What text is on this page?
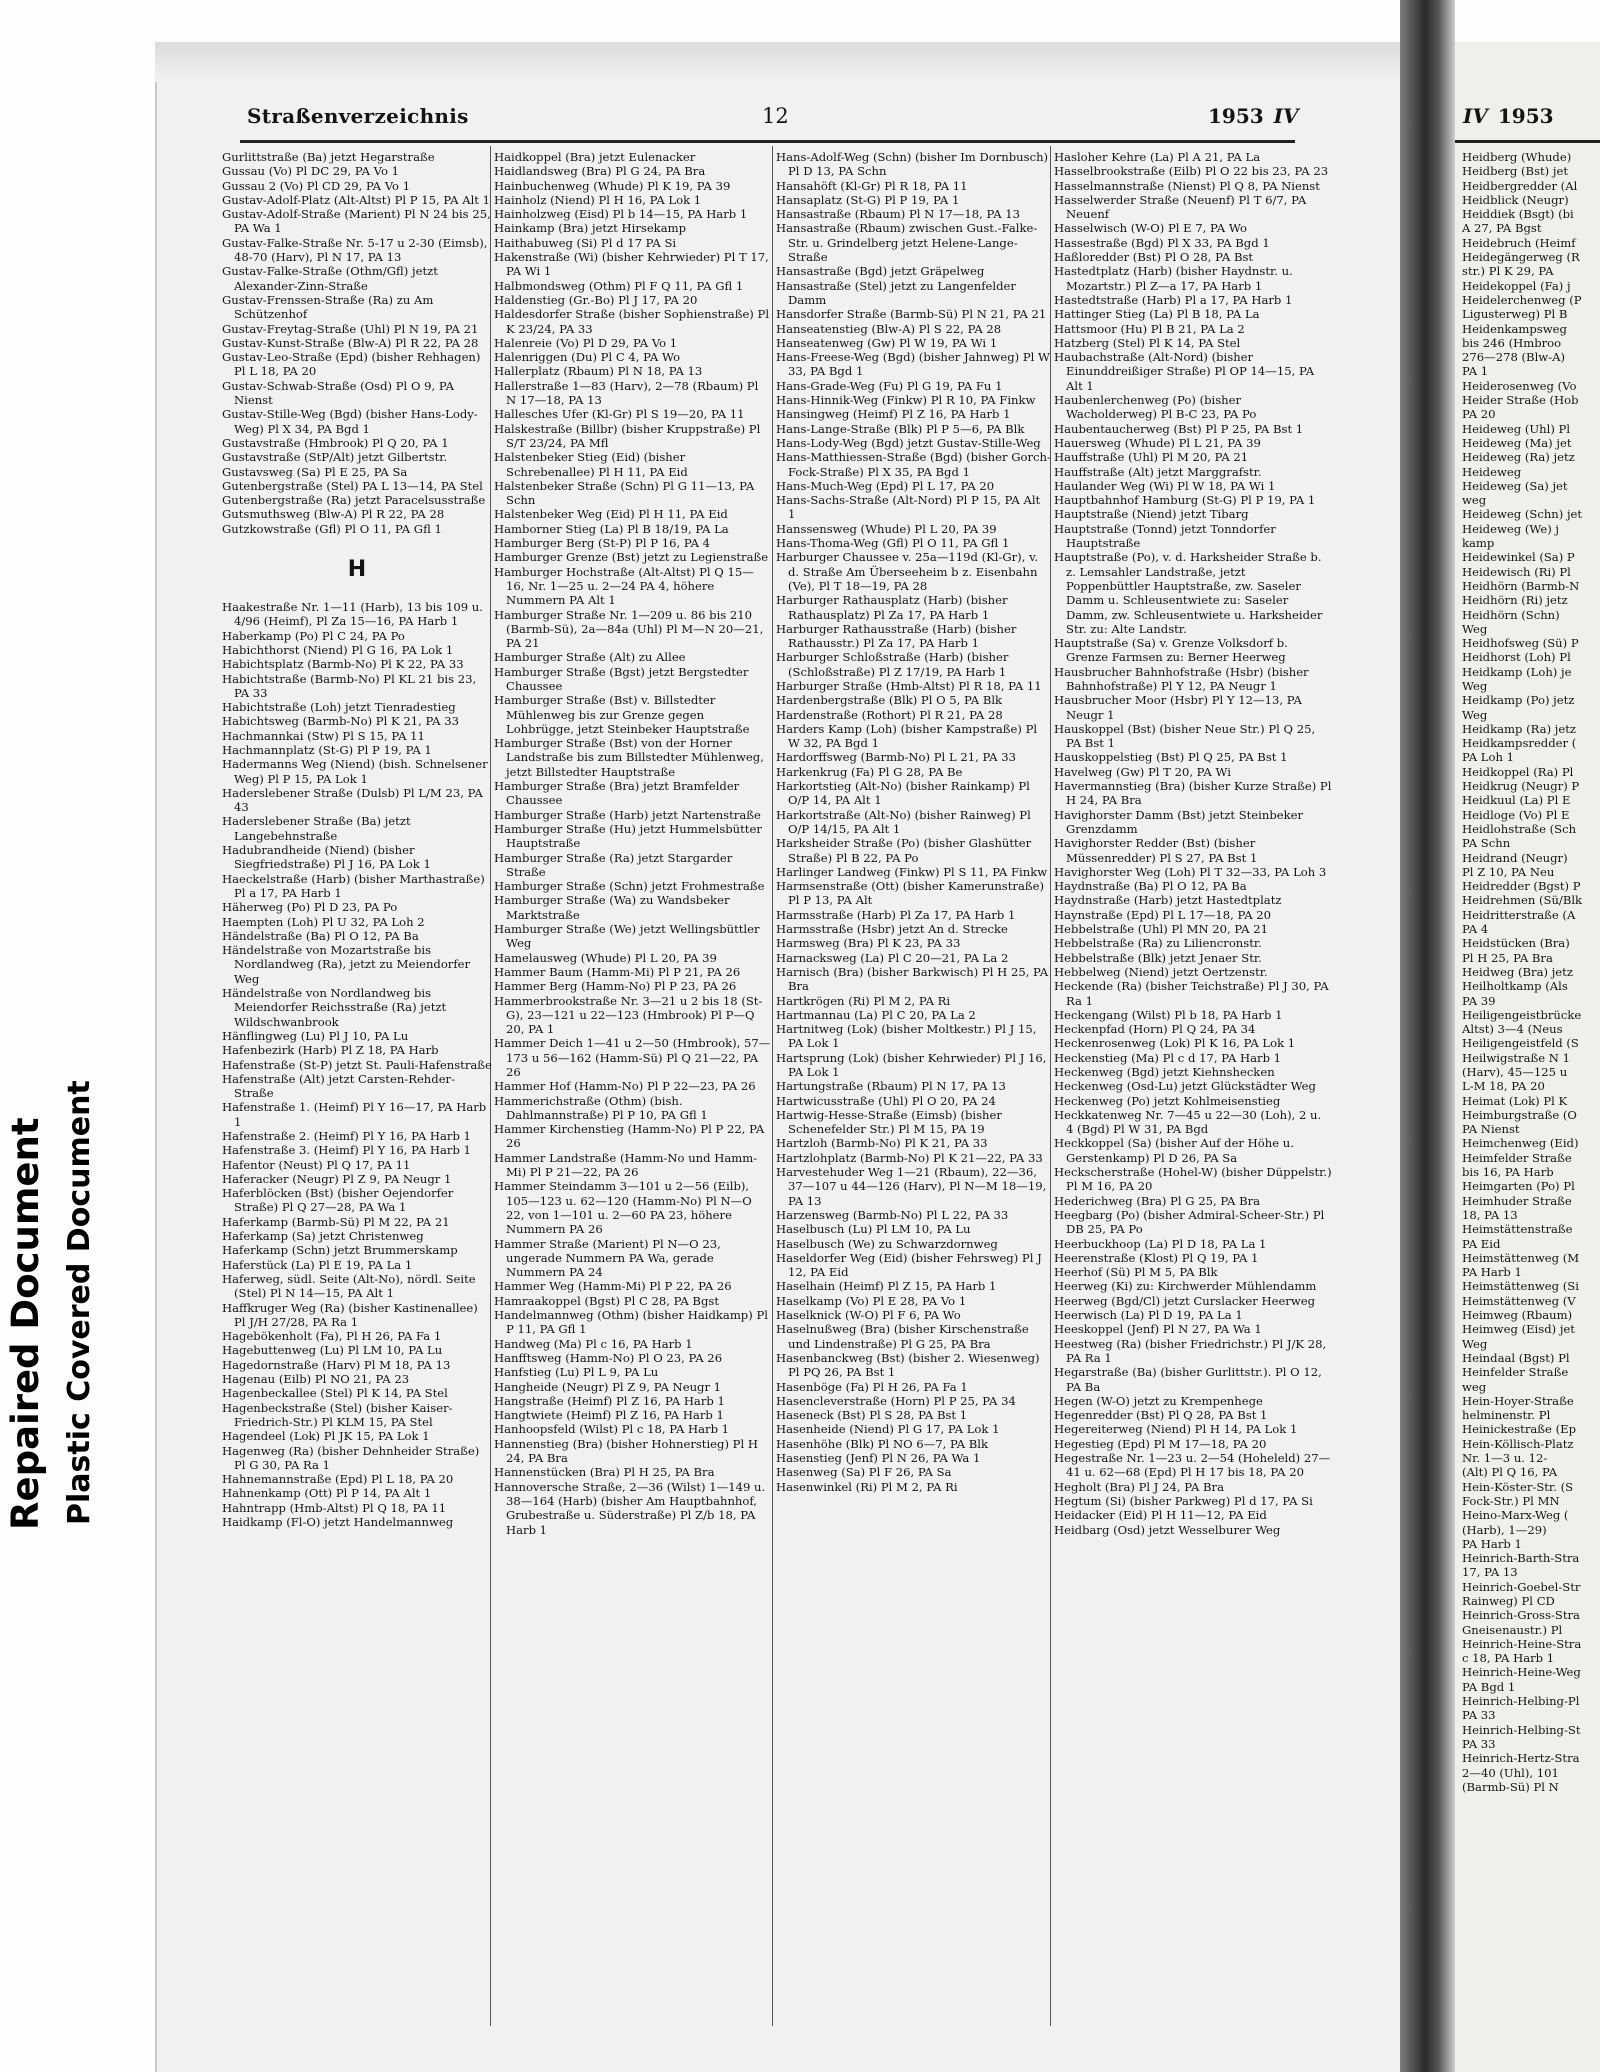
IV 1953

Heidberg (Whude)

Heidberg (Bst) jet

Heidbergredder (Al

Heidblick (Neugr)

Heiddiek (Bsgt) (bi

A 27, PA Bgst

Heidebruch (Heimf

Heidegängerweg (R

str.) Pl K 29, PA

Heidekoppel (Fa) j

Heidelerchenweg (P

Ligusterweg) Pl B

Heidenkampsweg

bis 246 (Hmbroo

276—278 (Blw-A)

PA 1

Heiderosenweg (Vo

Heider Straße (Hob

PA 20

Heideweg (Uhl) Pl

Heideweg (Ma) jet

Heideweg (Ra) jetz

Heideweg

Heideweg (Sa) jet

weg

Heideweg (Schn) jet

Heideweg (We) j

kamp

Heidewinkel (Sa) P

Heidewisch (Ri) Pl

Heidhörn (Barmb-N

Heidhörn (Ri) jetz

Heidhörn (Schn)

Weg

Heidhofsweg (Sü) P

Heidhorst (Loh) Pl

Heidkamp (Loh) je

Weg

Heidkamp (Po) jetz

Weg

Heidkamp (Ra) jetz

Heidkampsredder (

PA Loh 1

Heidkoppel (Ra) Pl

Heidkrug (Neugr) P

Heidkuul (La) Pl E

Heidloge (Vo) Pl E

Heidlohstraße (Sch

PA Schn

Heidrand (Neugr)

Pl Z 10, PA Neu

Heidredder (Bgst) P

Heidrehmen (Sü/Blk

Heidritterstraße (A

PA 4

Heidstücken (Bra)

Pl H 25, PA Bra

Heidweg (Bra) jetz

Heilholtkamp (Als

PA 39

Heiligengeistbrücke

Altst) 3—4 (Neus

Heiligengeistfeld (S

Heilwigstraße N 1

(Harv), 45—125 u

L-M 18, PA 20

Heimat (Lok) Pl K

Heimburgstraße (O

PA Nienst

Heimchenweg (Eid)

Heimfelder Straße

bis 16, PA Harb

Heimgarten (Po) Pl

Heimhuder Straße

18, PA 13

Heimstättenstraße

PA Eid

Heimstättenweg (M

PA Harb 1

Heimstättenweg (Si

Heimstättenweg (V

Heimweg (Rbaum)

Heimweg (Eisd) jet

Weg

Heindaal (Bgst) Pl

Heinfelder Straße

weg

Hein-Hoyer-Straße

helminenstr. Pl

Heinickestraße (Ep

Hein-Köllisch-Platz

Nr. 1—3 u. 12-

(Alt) Pl Q 16, PA

Hein-Köster-Str. (S

Fock-Str.) Pl MN

Heino-Marx-Weg (

(Harb), 1—29)

PA Harb 1

Heinrich-Barth-Stra

17, PA 13

Heinrich-Goebel-Str

Rainweg) Pl CD

Heinrich-Gross-Stra

Gneisenaustr.) Pl

Heinrich-Heine-Stra

c 18, PA Harb 1

Heinrich-Heine-Weg

PA Bgd 1

Heinrich-Helbing-Pl

PA 33

Heinrich-Helbing-St

PA 33

Heinrich-Hertz-Stra

2—40 (Uhl), 101

(Barmb-Sü) Pl N

Straßenverzeichnis	12	1953 IV

Gurlittstraße (Ba) jetzt Hegarstraße

Gussau (Vo) Pl DC 29, PA Vo 1

Gussau 2 (Vo) Pl CD 29, PA Vo 1

Gustav-Adolf-Platz (Alt-Altst) Pl P 15, PA Alt 1

Gustav-Adolf-Straße (Marient) Pl N 24 bis 25, PA Wa 1

Gustav-Falke-Straße Nr. 5-17 u 2-30 (Eimsb), 48-70 (Harv), Pl N 17, PA 13

Gustav-Falke-Straße (Othm/Gfl) jetzt Alexander-Zinn-Straße

Gustav-Frenssen-Straße (Ra) zu Am Schützenhof

Gustav-Freytag-Straße (Uhl) Pl N 19, PA 21

Gustav-Kunst-Straße (Blw-A) Pl R 22, PA 28

Gustav-Leo-Straße (Epd) (bisher Rehhagen) Pl L 18, PA 20

Gustav-Schwab-Straße (Osd) Pl O 9, PA Nienst

Gustav-Stille-Weg (Bgd) (bisher Hans-Lody-Weg) Pl X 34, PA Bgd 1

Gustavstraße (Hmbrook) Pl Q 20, PA 1

Gustavstraße (StP/Alt) jetzt Gilbertstr.

Gustavsweg (Sa) Pl E 25, PA Sa

Gutenbergstraße (Stel) PA L 13—14, PA Stel

Gutenbergstraße (Ra) jetzt Paracelsusstraße

Gutsmuthsweg (Blw-A) Pl R 22, PA 28

Gutzkowstraße (Gfl) Pl O 11, PA Gfl 1

H

Haakestraße Nr. 1—11 (Harb), 13 bis 109 u. 4/96 (Heimf), Pl Za 15—16, PA Harb 1

Haberkamp (Po) Pl C 24, PA Po

Habichthorst (Niend) Pl G 16, PA Lok 1

Habichtsplatz (Barmb-No) Pl K 22, PA 33

Habichtstraße (Barmb-No) Pl KL 21 bis 23, PA 33

Habichtstraße (Loh) jetzt Tienradestieg

Habichtsweg (Barmb-No) Pl K 21, PA 33

Hachmannkai (Stw) Pl S 15, PA 11

Hachmannplatz (St-G) Pl P 19, PA 1

Hadermanns Weg (Niend) (bish. Schnelsener Weg) Pl P 15, PA Lok 1

Haderslebener Straße (Dulsb) Pl L/M 23, PA 43

Haderslebener Straße (Ba) jetzt Langebehnstraße

Hadubrandheide (Niend) (bisher Siegfriedstraße) Pl J 16, PA Lok 1

Haeckelstraße (Harb) (bisher Marthastraße) Pl a 17, PA Harb 1

Häherweg (Po) Pl D 23, PA Po

Haempten (Loh) Pl U 32, PA Loh 2

Händelstraße (Ba) Pl O 12, PA Ba

Händelstraße von Mozartstraße bis Nordlandweg (Ra), jetzt zu Meiendorfer Weg

Händelstraße von Nordlandweg bis Meiendorfer Reichsstraße (Ra) jetzt Wildschwanbrook

Hänflingweg (Lu) Pl J 10, PA Lu

Hafenbezirk (Harb) Pl Z 18, PA Harb

Hafenstraße (St-P) jetzt St. Pauli-Hafenstraße

Hafenstraße (Alt) jetzt Carsten-Rehder-Straße

Hafenstraße 1. (Heimf) Pl Y 16—17, PA Harb 1

Hafenstraße 2. (Heimf) Pl Y 16, PA Harb 1

Hafenstraße 3. (Heimf) Pl Y 16, PA Harb 1

Hafentor (Neust) Pl Q 17, PA 11

Haferacker (Neugr) Pl Z 9, PA Neugr 1

Haferblöcken (Bst) (bisher Oejendorfer Straße) Pl Q 27—28, PA Wa 1

Haferkamp (Barmb-Sü) Pl M 22, PA 21

Haferkamp (Sa) jetzt Christenweg

Haferkamp (Schn) jetzt Brummerskamp

Haferstück (La) Pl E 19, PA La 1

Haferweg, südl. Seite (Alt-No), nördl. Seite (Stel) Pl N 14—15, PA Alt 1

Haffkruger Weg (Ra) (bisher Kastinenallee) Pl J/H 27/28, PA Ra 1

Hagebökenholt (Fa), Pl H 26, PA Fa 1

Hagebuttenweg (Lu) Pl LM 10, PA Lu

Hagedornstraße (Harv) Pl M 18, PA 13

Hagenau (Eilb) Pl NO 21, PA 23

Hagenbeckallee (Stel) Pl K 14, PA Stel

Hagenbeckstraße (Stel) (bisher Kaiser-Friedrich-Str.) Pl KLM 15, PA Stel

Hagendeel (Lok) Pl JK 15, PA Lok 1

Hagenweg (Ra) (bisher Dehnheider Straße) Pl G 30, PA Ra 1

Hahnemannstraße (Epd) Pl L 18, PA 20

Hahnenkamp (Ott) Pl P 14, PA Alt 1

Hahntrapp (Hmb-Altst) Pl Q 18, PA 11

Haidkamp (Fl-O) jetzt Handelmannweg

Haidkoppel (Bra) jetzt Eulenacker

Haidlandsweg (Bra) Pl G 24, PA Bra

Hainbuchenweg (Whude) Pl K 19, PA 39

Hainholz (Niend) Pl H 16, PA Lok 1

Hainholzweg (Eisd) Pl b 14—15, PA Harb 1

Hainkamp (Bra) jetzt Hirsekamp

Haithabuweg (Si) Pl d 17 PA Si

Hakenstraße (Wi) (bisher Kehrwieder) Pl T 17, PA Wi 1

Halbmondsweg (Othm) Pl F Q 11, PA Gfl 1

Haldenstieg (Gr.-Bo) Pl J 17, PA 20

Haldesdorfer Straße (bisher Sophienstraße) Pl K 23/24, PA 33

Halenreie (Vo) Pl D 29, PA Vo 1

Halenriggen (Du) Pl C 4, PA Wo

Hallerplatz (Rbaum) Pl N 18, PA 13

Hallerstraße 1—83 (Harv), 2—78 (Rbaum) Pl N 17—18, PA 13

Hallesches Ufer (Kl-Gr) Pl S 19—20, PA 11

Halskestraße (Billbr) (bisher Kruppstraße) Pl S/T 23/24, PA Mfl

Halstenbeker Stieg (Eid) (bisher Schrebenallee) Pl H 11, PA Eid

Halstenbeker Straße (Schn) Pl G 11—13, PA Schn

Halstenbeker Weg (Eid) Pl H 11, PA Eid

Hamborner Stieg (La) Pl B 18/19, PA La

Hamburger Berg (St-P) Pl P 16, PA 4

Hamburger Grenze (Bst) jetzt zu Legienstraße

Hamburger Hochstraße (Alt-Altst) Pl Q 15—16, Nr. 1—25 u. 2—24 PA 4, höhere Nummern PA Alt 1

Hamburger Straße Nr. 1—209 u. 86 bis 210 (Barmb-Sü), 2a—84a (Uhl) Pl M—N 20—21, PA 21

Hamburger Straße (Alt) zu Allee

Hamburger Straße (Bgst) jetzt Bergstedter Chaussee

Hamburger Straße (Bst) v. Billstedter Mühlenweg bis zur Grenze gegen Lohbrügge, jetzt Steinbeker Hauptstraße

Hamburger Straße (Bst) von der Horner Landstraße bis zum Billstedter Mühlenweg, jetzt Billstedter Hauptstraße

Hamburger Straße (Bra) jetzt Bramfelder Chaussee

Hamburger Straße (Harb) jetzt Nartenstraße

Hamburger Straße (Hu) jetzt Hummelsbütter Hauptstraße

Hamburger Straße (Ra) jetzt Stargarder Straße

Hamburger Straße (Schn) jetzt Frohmestraße

Hamburger Straße (Wa) zu Wandsbeker Marktstraße

Hamburger Straße (We) jetzt Wellingsbüttler Weg

Hamelausweg (Whude) Pl L 20, PA 39

Hammer Baum (Hamm-Mi) Pl P 21, PA 26

Hammer Berg (Hamm-No) Pl P 23, PA 26

Hammerbrookstraße Nr. 3—21 u 2 bis 18 (St-G), 23—121 u 22—123 (Hmbrook) Pl P—Q 20, PA 1

Hammer Deich 1—41 u 2—50 (Hmbrook), 57—173 u 56—162 (Hamm-Sü) Pl Q 21—22, PA 26

Hammer Hof (Hamm-No) Pl P 22—23, PA 26

Hammerichstraße (Othm) (bish. Dahlmannstraße) Pl P 10, PA Gfl 1

Hammer Kirchenstieg (Hamm-No) Pl P 22, PA 26

Hammer Landstraße (Hamm-No und Hamm-Mi) Pl P 21—22, PA 26

Hammer Steindamm 3—101 u 2—56 (Eilb), 105—123 u. 62—120 (Hamm-No) Pl N—O 22, von 1—101 u. 2—60 PA 23, höhere Nummern PA 26

Hammer Straße (Marient) Pl N—O 23, ungerade Nummern PA Wa, gerade Nummern PA 24

Hammer Weg (Hamm-Mi) Pl P 22, PA 26

Hamraakoppel (Bgst) Pl C 28, PA Bgst

Handelmannweg (Othm) (bisher Haidkamp) Pl P 11, PA Gfl 1

Handweg (Ma) Pl c 16, PA Harb 1

Hanfftsweg (Hamm-No) Pl O 23, PA 26

Hanfstieg (Lu) Pl L 9, PA Lu

Hangheide (Neugr) Pl Z 9, PA Neugr 1

Hangstraße (Heimf) Pl Z 16, PA Harb 1

Hangtwiete (Heimf) Pl Z 16, PA Harb 1

Hanhoopsfeld (Wilst) Pl c 18, PA Harb 1

Hannenstieg (Bra) (bisher Hohnerstieg) Pl H 24, PA Bra

Hannenstücken (Bra) Pl H 25, PA Bra

Hannoversche Straße, 2—36 (Wilst) 1—149 u. 38—164 (Harb) (bisher Am Hauptbahnhof, Grubestraße u. Süderstraße) Pl Z/b 18, PA Harb 1

Hans-Adolf-Weg (Schn) (bisher Im Dornbusch) Pl D 13, PA Schn

Hansahöft (Kl-Gr) Pl R 18, PA 11

Hansaplatz (St-G) Pl P 19, PA 1

Hansastraße (Rbaum) Pl N 17—18, PA 13

Hansastraße (Rbaum) zwischen Gust.-Falke-Str. u. Grindelberg jetzt Helene-Lange-Straße

Hansastraße (Bgd) jetzt Gräpelweg

Hansastraße (Stel) jetzt zu Langenfelder Damm

Hansdorfer Straße (Barmb-Sü) Pl N 21, PA 21

Hanseatenstieg (Blw-A) Pl S 22, PA 28

Hanseatenweg (Gw) Pl W 19, PA Wi 1

Hans-Freese-Weg (Bgd) (bisher Jahnweg) Pl W 33, PA Bgd 1

Hans-Grade-Weg (Fu) Pl G 19, PA Fu 1

Hans-Hinnik-Weg (Finkw) Pl R 10, PA Finkw

Hansingweg (Heimf) Pl Z 16, PA Harb 1

Hans-Lange-Straße (Blk) Pl P 5—6, PA Blk

Hans-Lody-Weg (Bgd) jetzt Gustav-Stille-Weg

Hans-Matthiessen-Straße (Bgd) (bisher Gorch-Fock-Straße) Pl X 35, PA Bgd 1

Hans-Much-Weg (Epd) Pl L 17, PA 20

Hans-Sachs-Straße (Alt-Nord) Pl P 15, PA Alt 1

Hanssensweg (Whude) Pl L 20, PA 39

Hans-Thoma-Weg (Gfl) Pl O 11, PA Gfl 1

Harburger Chaussee v. 25a—119d (Kl-Gr), v. d. Straße Am Überseeheim b z. Eisenbahn (Ve), Pl T 18—19, PA 28

Harburger Rathausplatz (Harb) (bisher Rathausplatz) Pl Za 17, PA Harb 1

Harburger Rathausstraße (Harb) (bisher Rathausstr.) Pl Za 17, PA Harb 1

Harburger Schloßstraße (Harb) (bisher (Schloßstraße) Pl Z 17/19, PA Harb 1

Harburger Straße (Hmb-Altst) Pl R 18, PA 11

Hardenbergstraße (Blk) Pl O 5, PA Blk

Hardenstraße (Rothort) Pl R 21, PA 28

Harders Kamp (Loh) (bisher Kampstraße) Pl W 32, PA Bgd 1

Hardorffsweg (Barmb-No) Pl L 21, PA 33

Harkenkrug (Fa) Pl G 28, PA Be

Harkortstieg (Alt-No) (bisher Rainkamp) Pl O/P 14, PA Alt 1

Harkortstraße (Alt-No) (bisher Rainweg) Pl O/P 14/15, PA Alt 1

Harksheider Straße (Po) (bisher Glashütter Straße) Pl B 22, PA Po

Harlinger Landweg (Finkw) Pl S 11, PA Finkw

Harmsenstraße (Ott) (bisher Kamerunstraße) Pl P 13, PA Alt

Harmsstraße (Harb) Pl Za 17, PA Harb 1

Harmsstraße (Hsbr) jetzt An d. Strecke

Harmsweg (Bra) Pl K 23, PA 33

Harnackswеg (La) Pl C 20—21, PA La 2

Harnisch (Bra) (bisher Barkwisch) Pl H 25, PA Bra

Hartkrögen (Ri) Pl M 2, PA Ri

Hartmannau (La) Pl C 20, PA La 2

Hartnitweg (Lok) (bisher Moltkestr.) Pl J 15, PA Lok 1

Hartsprung (Lok) (bisher Kehrwieder) Pl J 16, PA Lok 1

Hartungstraße (Rbaum) Pl N 17, PA 13

Hartwicusstraße (Uhl) Pl O 20, PA 24

Hartwig-Hesse-Straße (Eimsb) (bisher Schenefelder Str.) Pl M 15, PA 19

Hartzloh (Barmb-No) Pl K 21, PA 33

Hartzlohplatz (Barmb-No) Pl K 21—22, PA 33

Harvestehuder Weg 1—21 (Rbaum), 22—36, 37—107 u 44—126 (Harv), Pl N—M 18—19, PA 13

Harzensweg (Barmb-No) Pl L 22, PA 33

Haselbusch (Lu) Pl LM 10, PA Lu

Haselbusch (We) zu Schwarzdornweg

Haseldorfer Weg (Eid) (bisher Fehrsweg) Pl J 12, PA Eid

Haselhain (Heimf) Pl Z 15, PA Harb 1

Haselkamp (Vo) Pl E 28, PA Vo 1

Haselknick (W-O) Pl F 6, PA Wo

Haselnußweg (Bra) (bisher Kirschenstraße und Lindenstraße) Pl G 25, PA Bra

Hasenbanckweg (Bst) (bisher 2. Wiesenweg) Pl PQ 26, PA Bst 1

Hasenböge (Fa) Pl H 26, PA Fa 1

Hasencleverstraße (Horn) Pl P 25, PA 34

Haseneck (Bst) Pl S 28, PA Bst 1

Hasenheide (Niend) Pl G 17, PA Lok 1

Hasenhöhe (Blk) Pl NO 6—7, PA Blk

Hasenstieg (Jenf) Pl N 26, PA Wa 1

Hasenweg (Sa) Pl F 26, PA Sa

Hasenwinkel (Ri) Pl M 2, PA Ri

Hasloher Kehre (La) Pl A 21, PA La

Hasselbrookstraße (Eilb) Pl O 22 bis 23, PA 23

Hasselmannstraße (Nienst) Pl Q 8, PA Nienst

Hasselwerder Straße (Neuenf) Pl T 6/7, PA Neuenf

Hasselwisch (W-O) Pl E 7, PA Wo

Hassestraße (Bgd) Pl X 33, PA Bgd 1

Haßloredder (Bst) Pl O 28, PA Bst

Hastedtplatz (Harb) (bisher Haydnstr. u. Mozartstr.) Pl Z—a 17, PA Harb 1

Hastedtstraße (Harb) Pl a 17, PA Harb 1

Hattinger Stieg (La) Pl B 18, PA La

Hattsmoor (Hu) Pl B 21, PA La 2

Hatzberg (Stel) Pl K 14, PA Stel

Haubachstraße (Alt-Nord) (bisher Einunddreißiger Straße) Pl OP 14—15, PA Alt 1

Haubenlerchenweg (Po) (bisher Wacholderweg) Pl B-C 23, PA Po

Haubentaucherweg (Bst) Pl P 25, PA Bst 1

Hauersweg (Whude) Pl L 21, PA 39

Hauffstraße (Uhl) Pl M 20, PA 21

Hauffstraße (Alt) jetzt Marggrafstr.

Haulander Weg (Wi) Pl W 18, PA Wi 1

Hauptbahnhof Hamburg (St-G) Pl P 19, PA 1

Hauptstraße (Niend) jetzt Tibarg

Hauptstraße (Tonnd) jetzt Tonndorfer Hauptstraße

Hauptstraße (Po), v. d. Harksheider Straße b. z. Lemsahler Landstraße, jetzt Poppenbüttler Hauptstraße, zw. Saseler Damm u. Schleusentwiete zu: Saseler Damm, zw. Schleusentwiete u. Harksheider Str. zu: Alte Landstr.

Hauptstraße (Sa) v. Grenze Volksdorf b. Grenze Farmsen zu: Berner Heerweg

Hausbrucher Bahnhofstraße (Hsbr) (bisher Bahnhofstraße) Pl Y 12, PA Neugr 1

Hausbrucher Moor (Hsbr) Pl Y 12—13, PA Neugr 1

Hauskoppel (Bst) (bisher Neue Str.) Pl Q 25, PA Bst 1

Hauskoppelstieg (Bst) Pl Q 25, PA Bst 1

Havelweg (Gw) Pl T 20, PA Wi

Havermannstieg (Bra) (bisher Kurze Straße) Pl H 24, PA Bra

Havighorster Damm (Bst) jetzt Steinbeker Grenzdamm

Havighorster Redder (Bst) (bisher Müssenredder) Pl S 27, PA Bst 1

Havighorster Weg (Loh) Pl T 32—33, PA Loh 3

Haydnstraße (Ba) Pl O 12, PA Ba

Haydnstraße (Harb) jetzt Hastedtplatz

Haynstraße (Epd) Pl L 17—18, PA 20

Hebbelstraße (Uhl) Pl MN 20, PA 21

Hebbelstraße (Ra) zu Liliencronstr.

Hebbelstraße (Blk) jetzt Jenaer Str.

Hebbelweg (Niend) jetzt Oertzenstr.

Heckende (Ra) (bisher Teichstraße) Pl J 30, PA Ra 1

Heckengang (Wilst) Pl b 18, PA Harb 1

Heckenpfad (Horn) Pl Q 24, PA 34

Heckenrosenweg (Lok) Pl K 16, PA Lok 1

Heckenstieg (Ma) Pl c d 17, PA Harb 1

Heckenweg (Bgd) jetzt Kiehnshecken

Heckenweg (Osd-Lu) jetzt Glückstädter Weg

Heckenweg (Po) jetzt Kohlmeisenstieg

Heckkatenweg Nr. 7—45 u 22—30 (Loh), 2 u. 4 (Bgd) Pl W 31, PA Bgd

Heckkoppel (Sa) (bisher Auf der Höhe u. Gerstenkamp) Pl D 26, PA Sa

Heckscherstraße (Hohel-W) (bisher Düppelstr.) Pl M 16, PA 20

Hederichweg (Bra) Pl G 25, PA Bra

Heegbarg (Po) (bisher Admiral-Scheer-Str.) Pl DB 25, PA Po

Heerbuckhoop (La) Pl D 18, PA La 1

Heerenstraße (Klost) Pl Q 19, PA 1

Heerhof (Sü) Pl M 5, PA Blk

Heerweg (Ki) zu: Kirchwerder Mühlendamm

Heerweg (Bgd/Cl) jetzt Curslacker Heerweg

Heerwisch (La) Pl D 19, PA La 1

Heeskoppel (Jenf) Pl N 27, PA Wa 1

Heestweg (Ra) (bisher Friedrichstr.) Pl J/K 28, PA Ra 1

Hegarstraße (Ba) (bisher Gurlittstr.). Pl O 12, PA Ba

Hegen (W-O) jetzt zu Krempenhege

Hegenredder (Bst) Pl Q 28, PA Bst 1

Hegereiterweg (Niend) Pl H 14, PA Lok 1

Hegestieg (Epd) Pl M 17—18, PA 20

Hegestraße Nr. 1—23 u. 2—54 (Hoheleld) 27—41 u. 62—68 (Epd) Pl H 17 bis 18, PA 20

Hegholt (Bra) Pl J 24, PA Bra

Hegtum (Si) (bisher Parkweg) Pl d 17, PA Si

Heidacker (Eid) Pl H 11—12, PA Eid

Heidbarg (Osd) jetzt Wesselburer Weg

Repaired Document Plastic Covered Document
